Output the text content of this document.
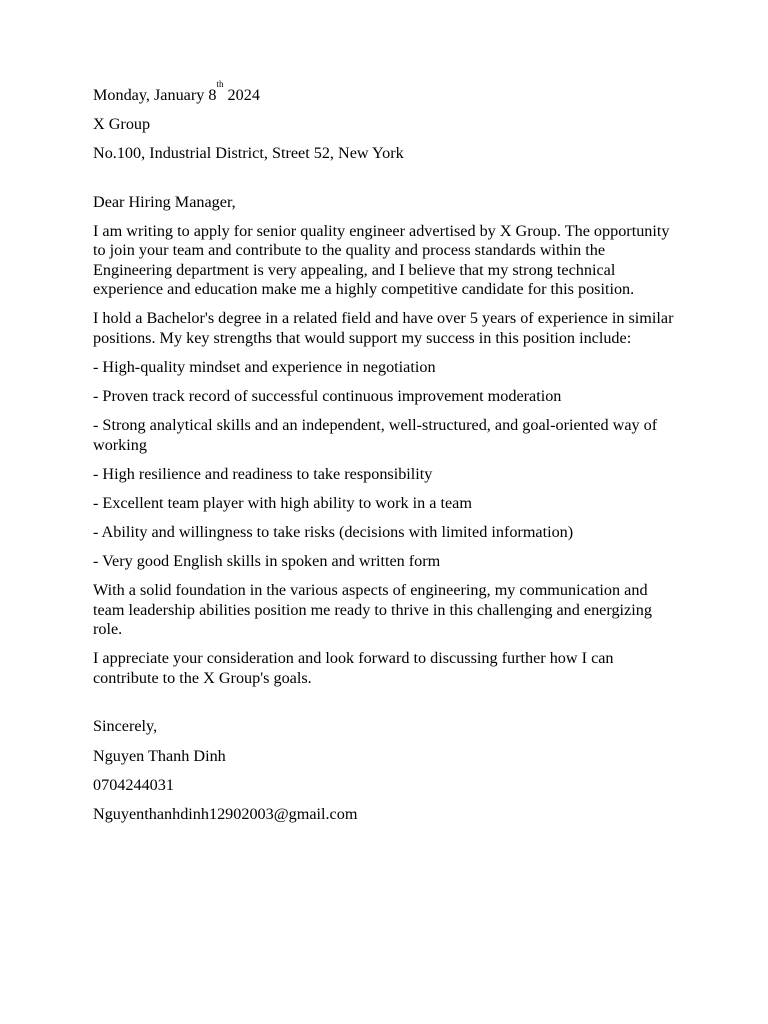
Monday, January 8th 2024

X Group

No.100, Industrial District, Street 52, New York

Dear Hiring Manager,

I am writing to apply for senior quality engineer advertised by X Group. The opportunity to join your team and contribute to the quality and process standards within the Engineering department is very appealing, and I believe that my strong technical experience and education make me a highly competitive candidate for this position.

I hold a Bachelor's degree in a related field and have over 5 years of experience in similar positions. My key strengths that would support my success in this position include:

- High-quality mindset and experience in negotiation

- Proven track record of successful continuous improvement moderation

- Strong analytical skills and an independent, well-structured, and goal-oriented way of working

- High resilience and readiness to take responsibility

- Excellent team player with high ability to work in a team

- Ability and willingness to take risks (decisions with limited information)

- Very good English skills in spoken and written form

With a solid foundation in the various aspects of engineering, my communication and team leadership abilities position me ready to thrive in this challenging and energizing role.

I appreciate your consideration and look forward to discussing further how I can contribute to the X Group's goals.

Sincerely,

Nguyen Thanh Dinh

0704244031

Nguyenthanhdinh12902003@gmail.com
